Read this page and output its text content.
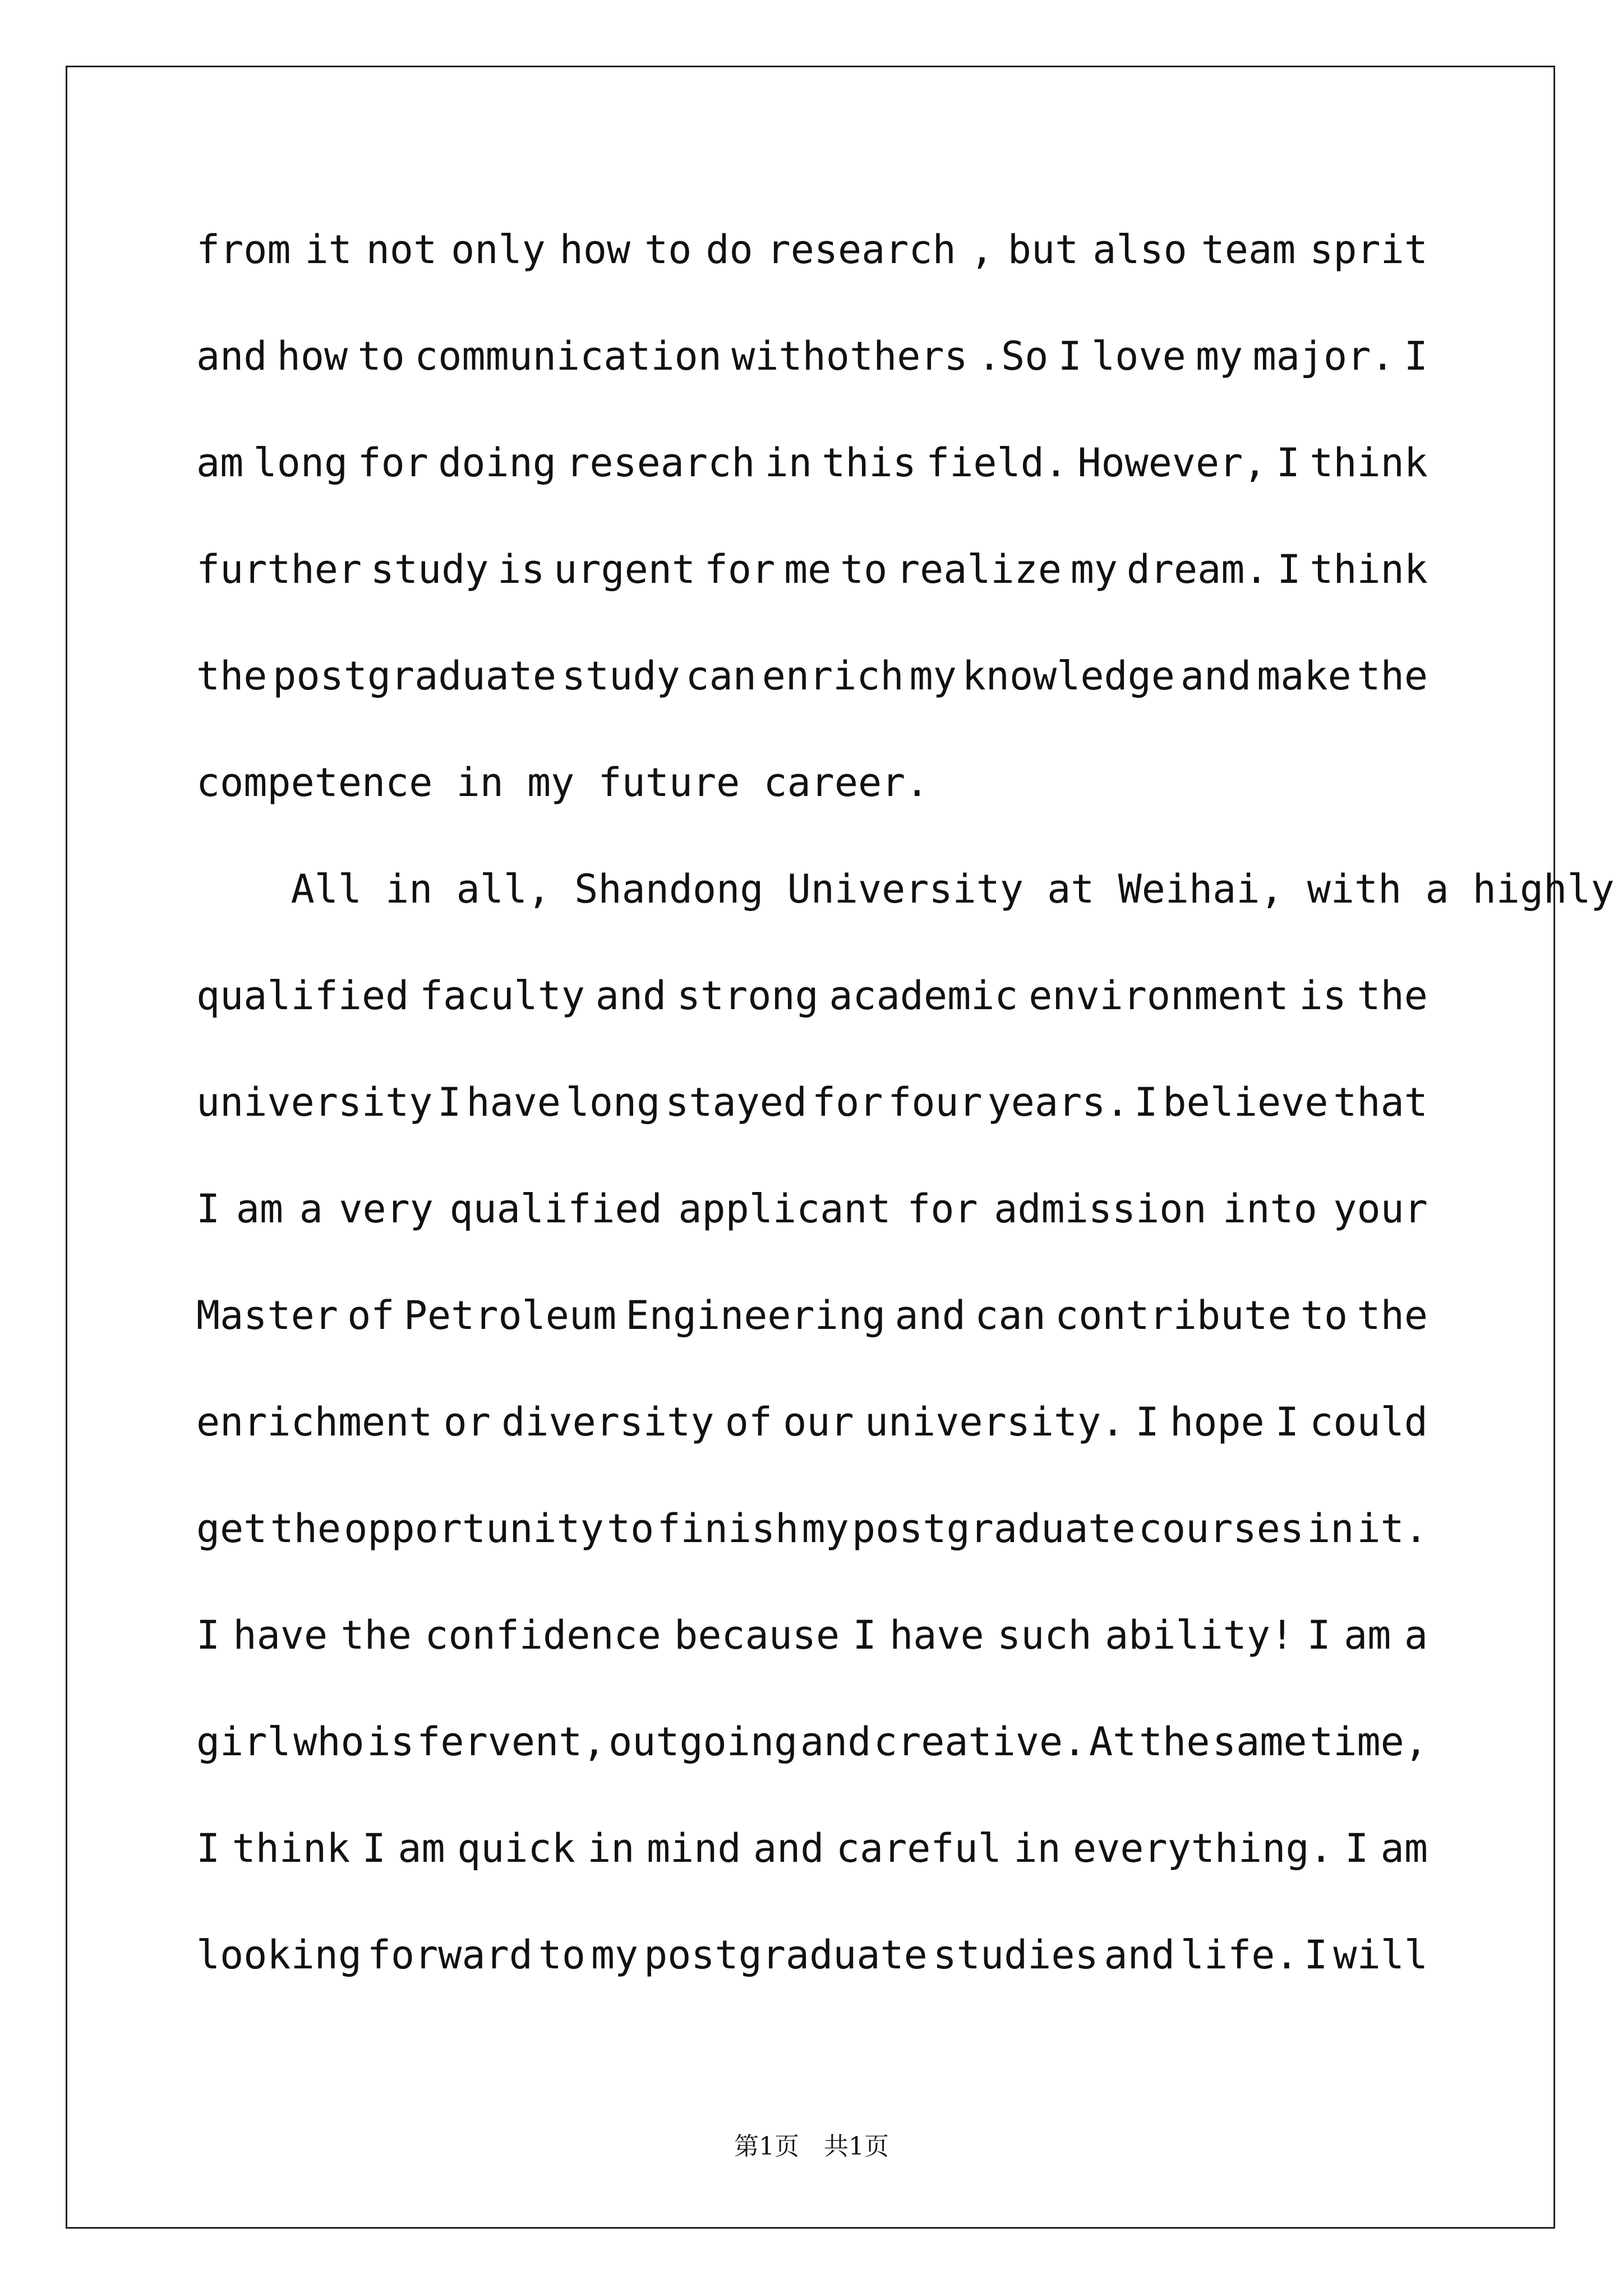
from it not only how to do research , but also team sprit
and how to communication withothers .So I love my major. I
am long for doing research in this field. However, I think
further study is urgent for me to realize my dream. I think
the postgraduate study can enrich my knowledge and make the
competence in my future career.
All in all, Shandong University at Weihai, with a highly
qualified faculty and strong academic environment is the
university I have long stayed for four years. I believe that
I am a very qualified applicant for admission into your
Master of Petroleum Engineering and can contribute to the
enrichment or diversity of our university. I hope I could
get the opportunity to finish my postgraduate courses in it.
I have the confidence because I have such ability! I am a
girl who is fervent, outgoing and creative. At the same time,
I think I am quick in mind and careful in everything. I am
looking forward to my postgraduate studies and life. I will
第1页　共1页
